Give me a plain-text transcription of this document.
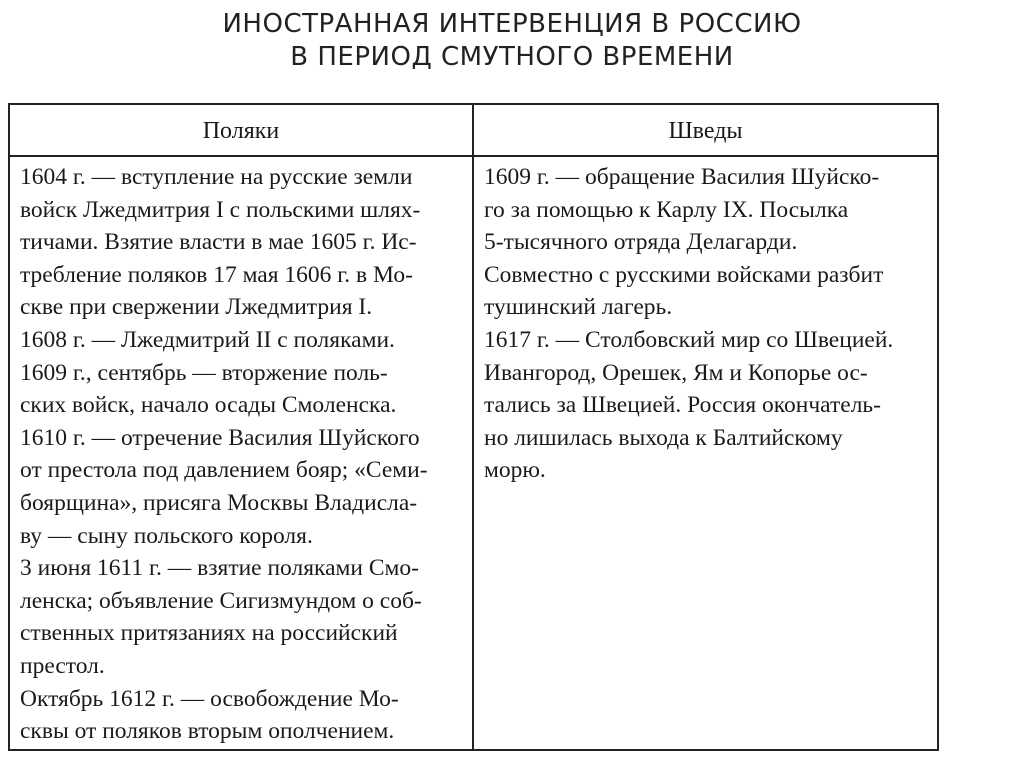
ИНОСТРАННАЯ ИНТЕРВЕНЦИЯ В РОССИЮ
В ПЕРИОД СМУТНОГО ВРЕМЕНИ
Поляки	Шведы
1604 г. — вступление на русские земли
войск Лжедмитрия I с польскими шлях-
тичами. Взятие власти в мае 1605 г. Ис-
требление поляков 17 мая 1606 г. в Мо-
скве при свержении Лжедмитрия I.
1608 г. — Лжедмитрий II с поляками.
1609 г., сентябрь — вторжение поль-
ских войск, начало осады Смоленска.
1610 г. — отречение Василия Шуйского
от престола под давлением бояр; «Семи-
боярщина», присяга Москвы Владисла-
ву — сыну польского короля.
3 июня 1611 г. — взятие поляками Смо-
ленска; объявление Сигизмундом о соб-
ственных притязаниях на российский
престол.
Октябрь 1612 г. — освобождение Мо-
сквы от поляков вторым ополчением.
1609 г. — обращение Василия Шуйско-
го за помощью к Карлу IX. Посылка
5-тысячного отряда Делагарди.
Совместно с русскими войсками разбит
тушинский лагерь.
1617 г. — Столбовский мир со Швецией.
Ивангород, Орешек, Ям и Копорье ос-
тались за Швецией. Россия окончатель-
но лишилась выхода к Балтийскому
морю.
